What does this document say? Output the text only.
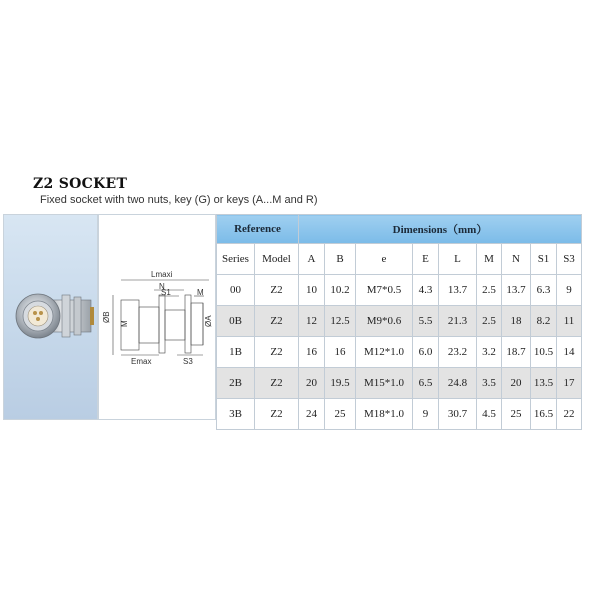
Z2 SOCKET
Fixed socket with two nuts, key (G) or keys (A...M and R)
Lmaxi
N
S1	M
ØB
M	ØA
Emax	S3
Reference		Dimensions（mm）								
Series	Model	A	B	e	E	L	M	N	S1	S3
00	Z2	10	10.2	M7*0.5	4.3	13.7	2.5	13.7	6.3	9
0B	Z2	12	12.5	M9*0.6	5.5	21.3	2.5	18	8.2	11
1B	Z2	16	16	M12*1.0	6.0	23.2	3.2	18.7	10.5	14
2B	Z2	20	19.5	M15*1.0	6.5	24.8	3.5	20	13.5	17
3B	Z2	24	25	M18*1.0	9	30.7	4.5	25	16.5	22
